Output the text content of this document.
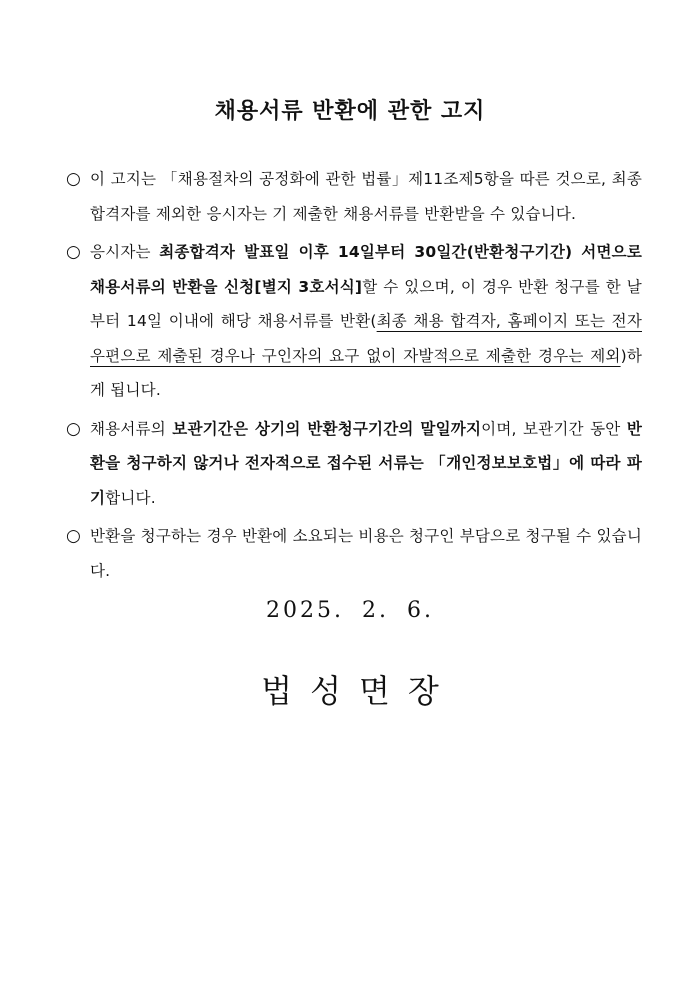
채용서류 반환에 관한 고지
○ 이 고지는 「채용절차의 공정화에 관한 법률」제11조제5항을 따른 것으로, 최종합격자를 제외한 응시자는 기 제출한 채용서류를 반환받을 수 있습니다.
○ 응시자는 최종합격자 발표일 이후 14일부터 30일간(반환청구기간) 서면으로 채용서류의 반환을 신청[별지 3호서식]할 수 있으며, 이 경우 반환 청구를 한 날부터 14일 이내에 해당 채용서류를 반환(최종 채용 합격자, 홈페이지 또는 전자우편으로 제출된 경우나 구인자의 요구 없이 자발적으로 제출한 경우는 제외)하게 됩니다.
○ 채용서류의 보관기간은 상기의 반환청구기간의 말일까지이며, 보관기간 동안 반환을 청구하지 않거나 전자적으로 접수된 서류는 「개인정보보호법」에 따라 파기합니다.
○ 반환을 청구하는 경우 반환에 소요되는 비용은 청구인 부담으로 청구될 수 있습니다.
2025. 2. 6.
법성면장
